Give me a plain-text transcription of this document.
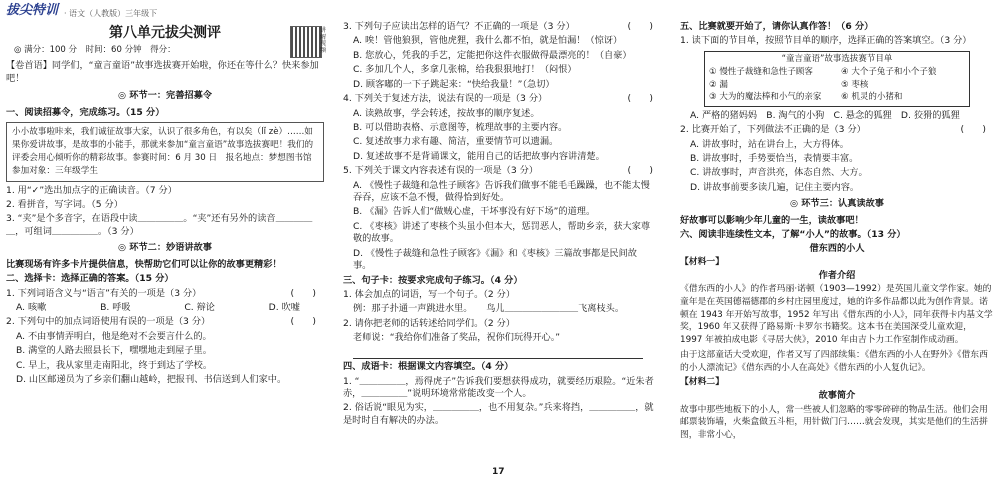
拔尖特训 · 语文（人教版）三年级下
第八单元拔尖测评	讲解视频
◎ 满分：100 分　时间：60 分钟　得分：
【卷首语】同学们，“童言童语”故事选拔赛开始啦，你还在等什么？快来参加吧！
◎ 环节一：完善招募令
一、阅读招募令，完成练习。（15 分）
小小故事啦咔来，我们诚征故事大家，认识了很多角色，有以矣（lǐ zè）……如果你爱讲故事，是故事的小能手，那就来参加“童言童语”故事选拔赛吧！我们的评委会用心倾听你的精彩故事。参赛时间：6 月 30 日　报名地点：梦想图书馆　参加对象：三年级学生
1. 用“✓”选出加点字的正确读音。（7 分）
2. 看拼音，写字词。（5 分）
3. “夹”是个多音字，在语段中读＿＿＿＿＿。“夹”还有另外的读音＿＿＿＿＿，可组词＿＿＿＿＿。（3 分）
◎ 环节二：妙语讲故事
比赛现场有许多卡片提供信息，快帮助它们可以让你的故事更精彩！
二、选择卡：选择正确的答案。（15 分）
1. 下列词语含义与“语言”有关的一项是（3 分）	(　　)
A. 咳嗽	B. 呼吸	C. 辩论	D. 吹嘘
2. 下列句中的加点词语使用有误的一项是（3 分）	(　　)
A. 不由事情弄明白，他是绝对不会要言什么的。
B. 满堂的人路去照县长下，嘿嘿地走到屋子里。
C. 早上，我从家里走南阳北，终于到达了学校。
D. 山区邮递员为了乡亲们翻山越岭，把报刊、书信送到人们家中。
3. 下列句子应读出怎样的语气？不正确的一项是（3 分）	(　　)
A. 唉！管他狼狈，管他虎狸，我什么都不怕，就是怕漏！（惊讶）
B. 您放心，凭我的手艺，定能把你这件衣服做得最漂亮的！（自豪）
C. 多加几个人，多拿几张棉，给我狠狠地打！（闷恨）
D. 顾客嘟的一下子跳起来：“快给我量！”（急切）
4. 下列关于复述方法，说法有误的一项是（3 分）	(　　)
A. 读熟故事，学会转述，按故事的顺序复述。
B. 可以借助表格、示意图等，梳理故事的主要内容。
C. 复述故事力求有趣、简洁，重要情节可以遗漏。
D. 复述故事不是背诵课文，能用自己的话把故事内容讲清楚。
5. 下列关于课文内容表述有误的一项是（3 分）	(　　)
A. 《慢性子裁缝和急性子顾客》告诉我们做事不能毛毛躁躁，也不能太慢吞吞，应该不急不慢，做得恰到好处。
B. 《漏》告诉人们“做贼心虚，干坏事没有好下场”的道理。
C. 《枣核》讲述了枣核个头虽小但本大，惩罚恶人，帮助乡亲，获大家尊敬的故事。
D. 《慢性子裁缝和急性子顾客》《漏》和《枣核》三篇故事都是民间故事。
三、句子卡：按要求完成句子练习。（4 分）
1. 体会加点的词语，写一个句子。（2 分）
例：那子扑通一声跳进水里。　　鸟儿＿＿＿＿＿＿＿＿飞离枝头。
2. 请你把老师的话转述给同学们。（2 分）
老师说：“我给你们准备了奖品，祝你们玩得开心。”
四、成语卡：根据课文内容填空。（4 分）
1. “＿＿＿＿＿，焉得虎子”告诉我们要想获得成功，就要经历艰险。“近朱者赤，＿＿＿＿＿”说明环境常常能改变一个人。
2. 俗话说“眼见为实，＿＿＿＿＿，也不用复杂。”兵来将挡，＿＿＿＿＿，就是时时自有解决的办法。
17
五、比赛就要开始了，请你认真作答！（6 分）
1. 读下面的节目单，按照节目单的顺序，选择正确的答案填空。（3 分）
“童言童语”故事选拔赛节目单
① 慢性子裁缝和急性子顾客	④ 大个子兔子和小个子狼
② 漏	⑤ 枣核
③ 大为的魔法棒和小气的亲家	⑥ 机灵的小猪和
A. 严格的猪妈妈　B. 淘气的小狗　C. 悬念的狐狸　D. 狡猾的狐狸
2. 比赛开始了，下列做法不正确的是（3 分）	(　　)
A. 讲故事时，站在讲台上，大方得体。
B. 讲故事时，手势要恰当，表情要丰富。
C. 讲故事时，声音洪亮，体态自然、大方。
D. 讲故事前要多读几遍，记住主要内容。
◎ 环节三：认真读故事
好故事可以影响少年儿童的一生，读故事吧！
六、阅读非连续性文本，了解“小人”的故事。（13 分）
借东西的小人
【材料一】
作者介绍
《借东西的小人》的作者玛丽·诺顿（1903—1992）是英国儿童文学作家。她的童年是在英国德福德郡的乡村庄园里度过，她的许多作品都以此为创作背景。诺顿在 1943 年开始写故事，1952 年写出《借东西的小人》，同年获得卡内基文学奖，1960 年又获得了路易斯·卡罗尔书籍奖。这本书在美国深受儿童欢迎，1997 年被拍成电影《寻居大侠》，2010 年由吉卜力工作室制作成动画。
由于这部童话大受欢迎，作者又写了四部续集：《借东西的小人在野外》《借东西的小人漂流记》《借东西的小人在高处》《借东西的小人复仇记》。
【材料二】
故事简介
故事中那些地板下的小人，常一些被人们忽略的零零碎碎的物品生活。他们会用邮票装饰墙，火柴盒做五斗柜，用针做门闩……就会发现，其实是他们的生活拼图，非常小心，
